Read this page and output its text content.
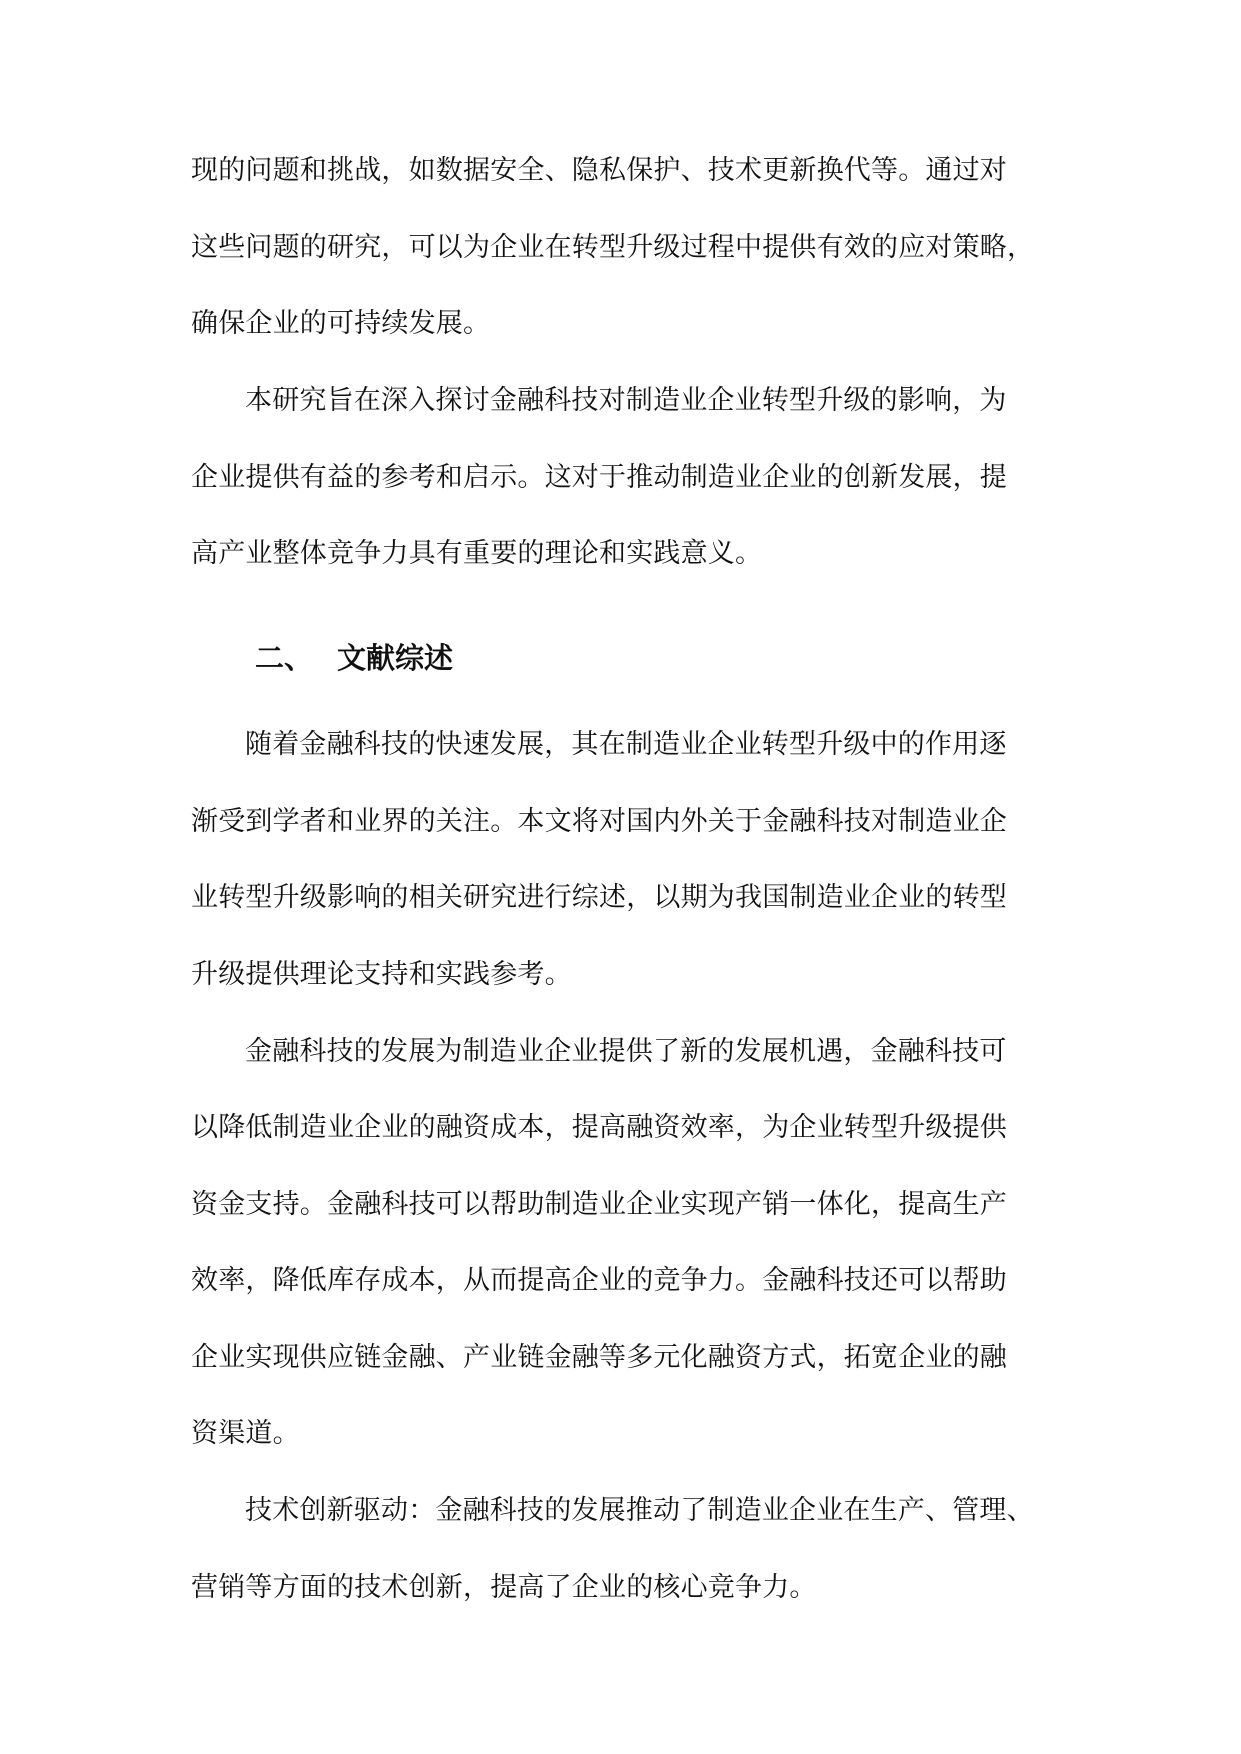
现的问题和挑战，如数据安全、隐私保护、技术更新换代等。通过对
这些问题的研究，可以为企业在转型升级过程中提供有效的应对策略，
确保企业的可持续发展。
本研究旨在深入探讨金融科技对制造业企业转型升级的影响，为
企业提供有益的参考和启示。这对于推动制造业企业的创新发展，提
高产业整体竞争力具有重要的理论和实践意义。
二、 文献综述
随着金融科技的快速发展，其在制造业企业转型升级中的作用逐
渐受到学者和业界的关注。本文将对国内外关于金融科技对制造业企
业转型升级影响的相关研究进行综述，以期为我国制造业企业的转型
升级提供理论支持和实践参考。
金融科技的发展为制造业企业提供了新的发展机遇，金融科技可
以降低制造业企业的融资成本，提高融资效率，为企业转型升级提供
资金支持。金融科技可以帮助制造业企业实现产销一体化，提高生产
效率，降低库存成本，从而提高企业的竞争力。金融科技还可以帮助
企业实现供应链金融、产业链金融等多元化融资方式，拓宽企业的融
资渠道。
技术创新驱动：金融科技的发展推动了制造业企业在生产、管理、
营销等方面的技术创新，提高了企业的核心竞争力。
